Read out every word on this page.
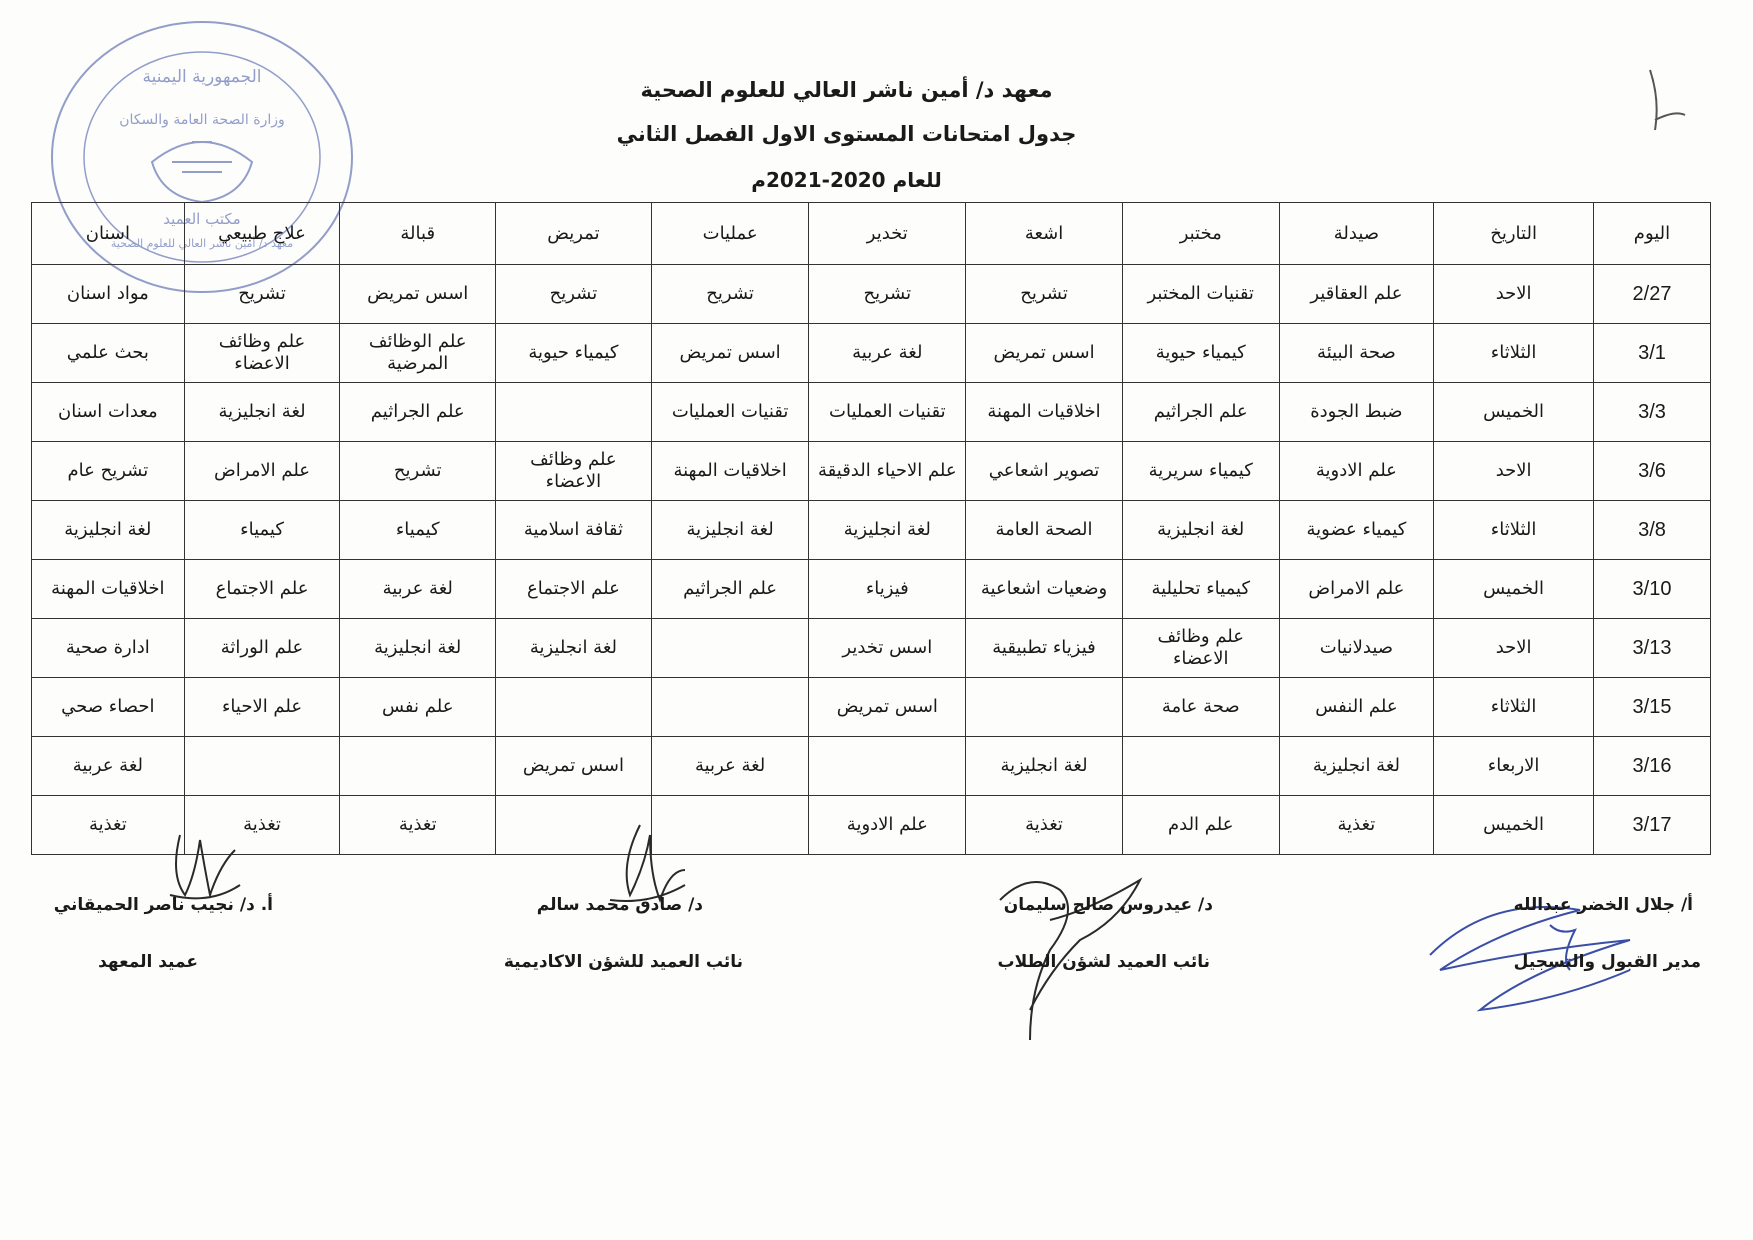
الجمهورية اليمنية
وزارة الصحة العامة والسكان
مكتب العميد
معهد د/ أمين ناشر العالي للعلوم الصحية
معهد د/ أمين ناشر العالي للعلوم الصحية
جدول امتحانات المستوى الاول الفصل الثاني
للعام 2020-2021م
اليوم	التاريخ	صيدلة	مختبر	اشعة	تخدير	عمليات	تمريض	قبالة	علاج طبيعي	اسنان
2/27	الاحد	علم العقاقير	تقنيات المختبر	تشريح	تشريح	تشريح	تشريح	اسس تمريض	تشريح	مواد اسنان
3/1	الثلاثاء	صحة البيئة	كيمياء حيوية	اسس تمريض	لغة عربية	اسس تمريض	كيمياء حيوية	علم الوظائف المرضية	علم وظائف الاعضاء	بحث علمي
3/3	الخميس	ضبط الجودة	علم الجراثيم	اخلاقيات المهنة	تقنيات العمليات	تقنيات العمليات		علم الجراثيم	لغة انجليزية	معدات اسنان
3/6	الاحد	علم الادوية	كيمياء سريرية	تصوير اشعاعي	علم الاحياء الدقيقة	اخلاقيات المهنة	علم وظائف الاعضاء	تشريح	علم الامراض	تشريح عام
3/8	الثلاثاء	كيمياء عضوية	لغة انجليزية	الصحة العامة	لغة انجليزية	لغة انجليزية	ثقافة اسلامية	كيمياء	كيمياء	لغة انجليزية
3/10	الخميس	علم الامراض	كيمياء تحليلية	وضعيات اشعاعية	فيزياء	علم الجراثيم	علم الاجتماع	لغة عربية	علم الاجتماع	اخلاقيات المهنة
3/13	الاحد	صيدلانيات	علم وظائف الاعضاء	فيزياء تطبيقية	اسس تخدير		لغة انجليزية	لغة انجليزية	علم الوراثة	ادارة صحية
3/15	الثلاثاء	علم النفس	صحة عامة		اسس تمريض			علم نفس	علم الاحياء	احصاء صحي
3/16	الاربعاء	لغة انجليزية		لغة انجليزية		لغة عربية	اسس تمريض			لغة عربية
3/17	الخميس	تغذية	علم الدم	تغذية	علم الادوية			تغذية	تغذية	تغذية
أ/ جلال الخضر عبدالله
مدير القبول والتسجيل
د/ عيدروس صالح سليمان
نائب العميد لشؤن الطلاب
د/ صادق محمد سالم
نائب العميد للشؤن الاكاديمية
أ. د/ نجيب ناصر الحميقاني
عميد المعهد
